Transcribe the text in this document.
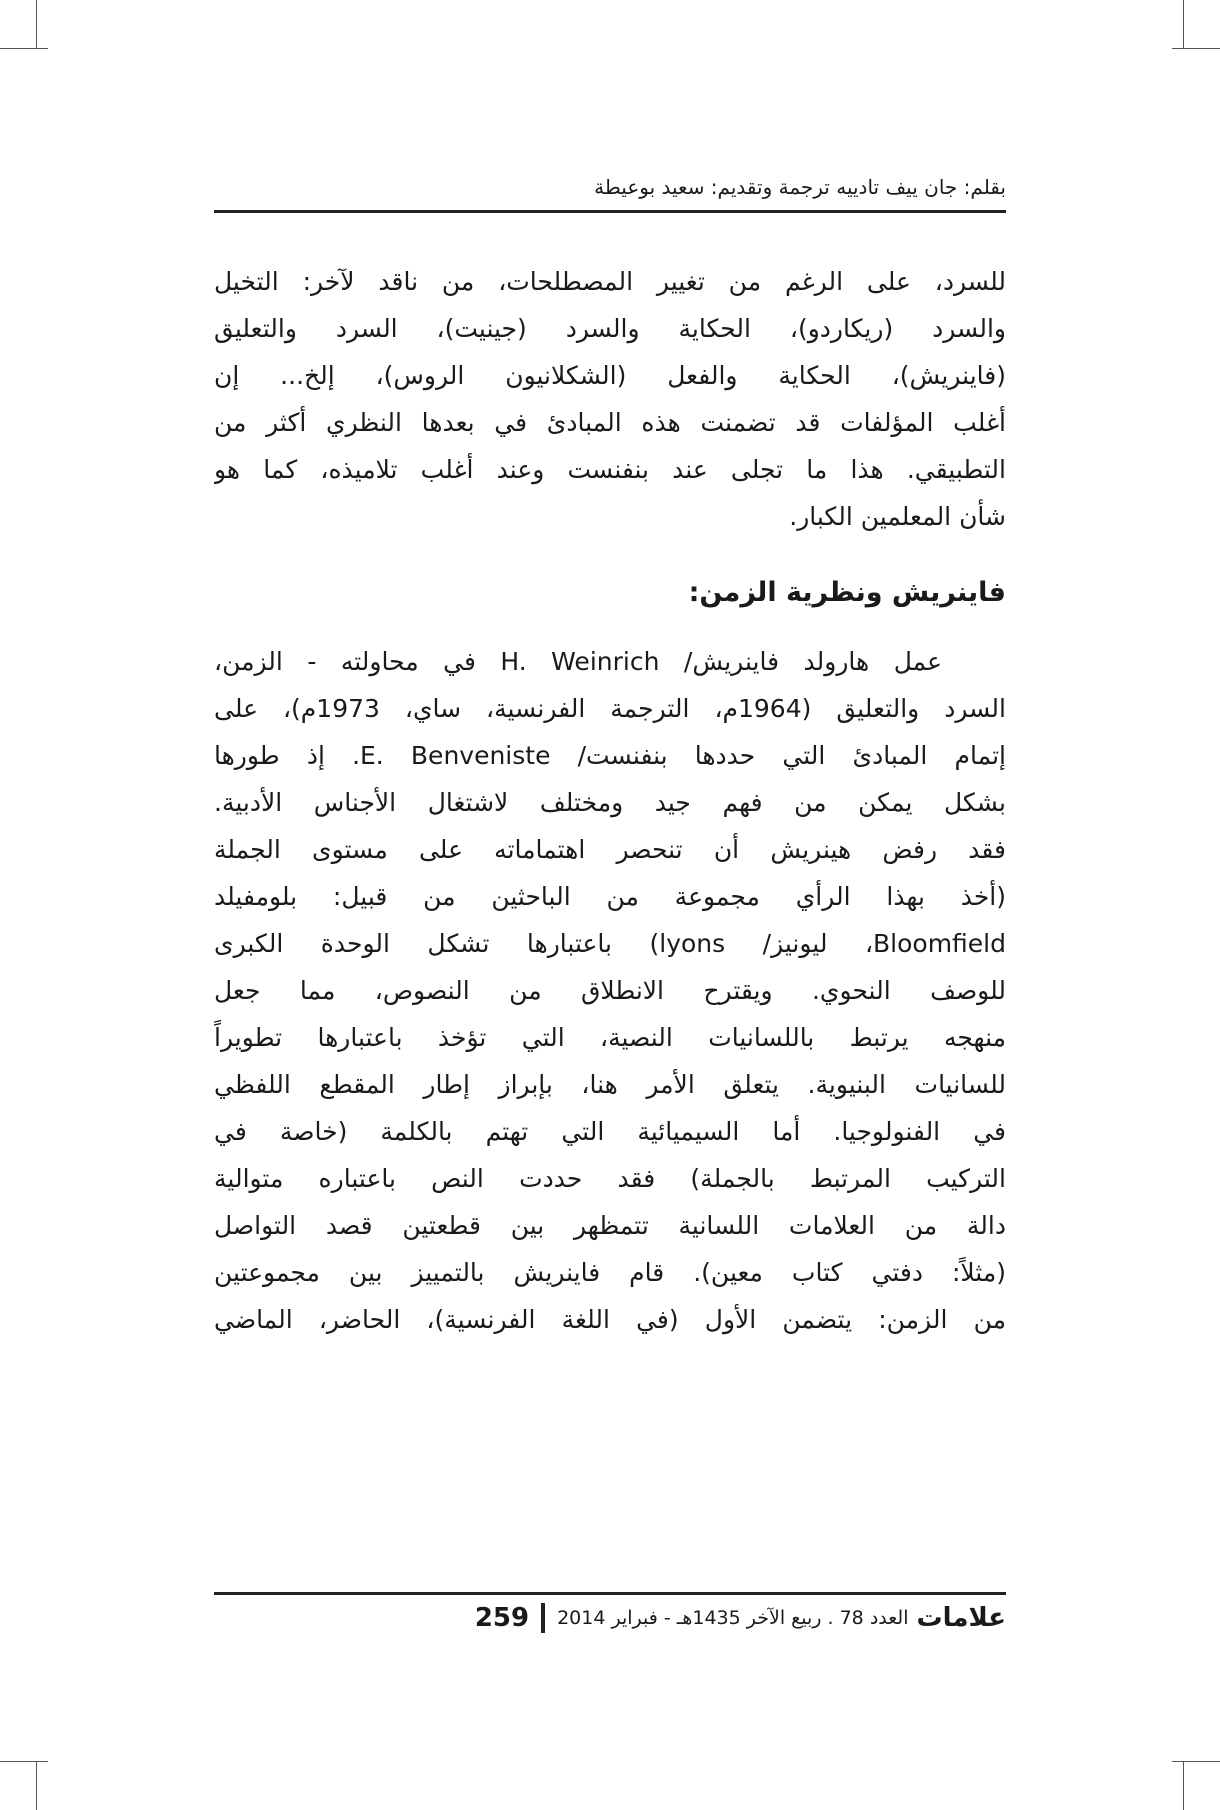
بقلم: جان ييف تادييه ترجمة وتقديم: سعيد بوعيطة
للسرد، على الرغم من تغيير المصطلحات، من ناقد لآخر: التخيل
والسرد (ريكاردو)، الحكاية والسرد (جينيت)، السرد والتعليق
(فاينريش)، الحكاية والفعل (الشكلانيون الروس)، إلخ... إن
أغلب المؤلفات قد تضمنت هذه المبادئ في بعدها النظري أكثر من
التطبيقي. هذا ما تجلى عند بنفنست وعند أغلب تلاميذه، كما هو
شأن المعلمين الكبار.
فاينريش ونظرية الزمن:
عمل هارولد فاينريش/ H. Weinrich في محاولته - الزمن،
السرد والتعليق (1964م، الترجمة الفرنسية، ساي، 1973م)، على
إتمام المبادئ التي حددها بنفنست/ E. Benveniste. إذ طورها
بشكل يمكن من فهم جيد ومختلف لاشتغال الأجناس الأدبية.
فقد رفض هينريش أن تنحصر اهتماماته على مستوى الجملة
(أخذ بهذا الرأي مجموعة من الباحثين من قبيل: بلومفيلد
Bloomfield، ليونيز/ lyons) باعتبارها تشكل الوحدة الكبرى
للوصف النحوي. ويقترح الانطلاق من النصوص، مما جعل
منهجه يرتبط باللسانيات النصية، التي تؤخذ باعتبارها تطويراً
للسانيات البنيوية. يتعلق الأمر هنا، بإبراز إطار المقطع اللفظي
في الفنولوجيا. أما السيميائية التي تهتم بالكلمة (خاصة في
التركيب المرتبط بالجملة) فقد حددت النص باعتباره متوالية
دالة من العلامات اللسانية تتمظهر بين قطعتين قصد التواصل
(مثلاً: دفتي كتاب معين). قام فاينريش بالتمييز بين مجموعتين
من الزمن: يتضمن الأول (في اللغة الفرنسية)، الحاضر، الماضي
علامات
العدد 78 . ربيع الآخر 1435هـ - فبراير 2014
259
